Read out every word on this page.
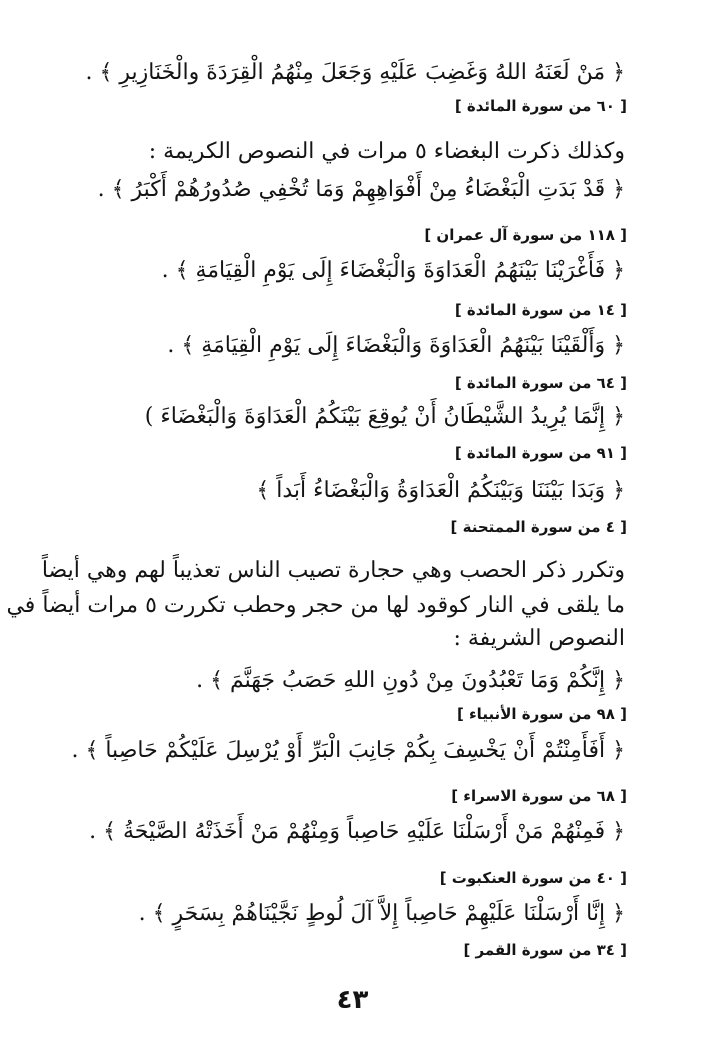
﴿ مَنْ لَعَنَهُ اللهُ وَغَضِبَ عَلَيْهِ وَجَعَلَ مِنْهُمُ الْقِرَدَةَ والْخَنَازِيرِ ﴾ .
[ ٦٠ من سورة المائدة ]
وكذلك ذكرت البغضاء ٥ مرات في النصوص الكريمة :
﴿ قَدْ بَدَتِ الْبَغْضَاءُ مِنْ أَفْوَاهِهِمْ وَمَا تُخْفِي صُدُورُهُمْ أَكْبَرُ ﴾ .
[ ١١٨ من سورة آل عمران ]
﴿ فَأَغْرَيْنَا بَيْنَهُمُ الْعَدَاوَةَ وَالْبَغْضَاءَ إِلَى يَوْمِ الْقِيَامَةِ ﴾ .
[ ١٤ من سورة المائدة ]
﴿ وَأَلْقَيْنَا بَيْنَهُمُ الْعَدَاوَةَ وَالْبَغْضَاءَ إِلَى يَوْمِ الْقِيَامَةِ ﴾ .
[ ٦٤ من سورة المائدة ]
﴿ إِنَّمَا يُرِيدُ الشَّيْطَانُ أَنْ يُوقِعَ بَيْنَكُمُ الْعَدَاوَةَ وَالْبَغْضَاءَ )
[ ٩١ من سورة المائدة ]
﴿ وَبَدَا بَيْنَنَا وَبَيْنَكُمُ الْعَدَاوَةُ وَالْبَغْضَاءُ أَبَداً ﴾
[ ٤ من سورة الممتحنة ]
وتكرر ذكر الحصب وهي حجارة تصيب الناس تعذيباً لهم وهي أيضاً
ما يلقى في النار كوقود لها من حجر وحطب تكررت ٥ مرات أيضاً في
النصوص الشريفة :
﴿ إِنَّكُمْ وَمَا تَعْبُدُونَ مِنْ دُونِ اللهِ حَصَبُ جَهَنَّمَ ﴾ .
[ ٩٨ من سورة الأنبياء ]
﴿ أَفَأَمِنْتُمْ أَنْ يَخْسِفَ بِكُمْ جَانِبَ الْبَرِّ أَوْ يُرْسِلَ عَلَيْكُمْ حَاصِباً ﴾ .
[ ٦٨ من سورة الاسراء ]
﴿ فَمِنْهُمْ مَنْ أَرْسَلْنَا عَلَيْهِ حَاصِباً وَمِنْهُمْ مَنْ أَخَذَتْهُ الصَّيْحَةُ ﴾ .
[ ٤٠ من سورة العنكبوت ]
﴿ إِنَّا أَرْسَلْنَا عَلَيْهِمْ حَاصِباً إِلاَّ آلَ لُوطٍ نَجَّيْنَاهُمْ بِسَحَرٍ ﴾ .
[ ٣٤ من سورة القمر ]
٤٣
